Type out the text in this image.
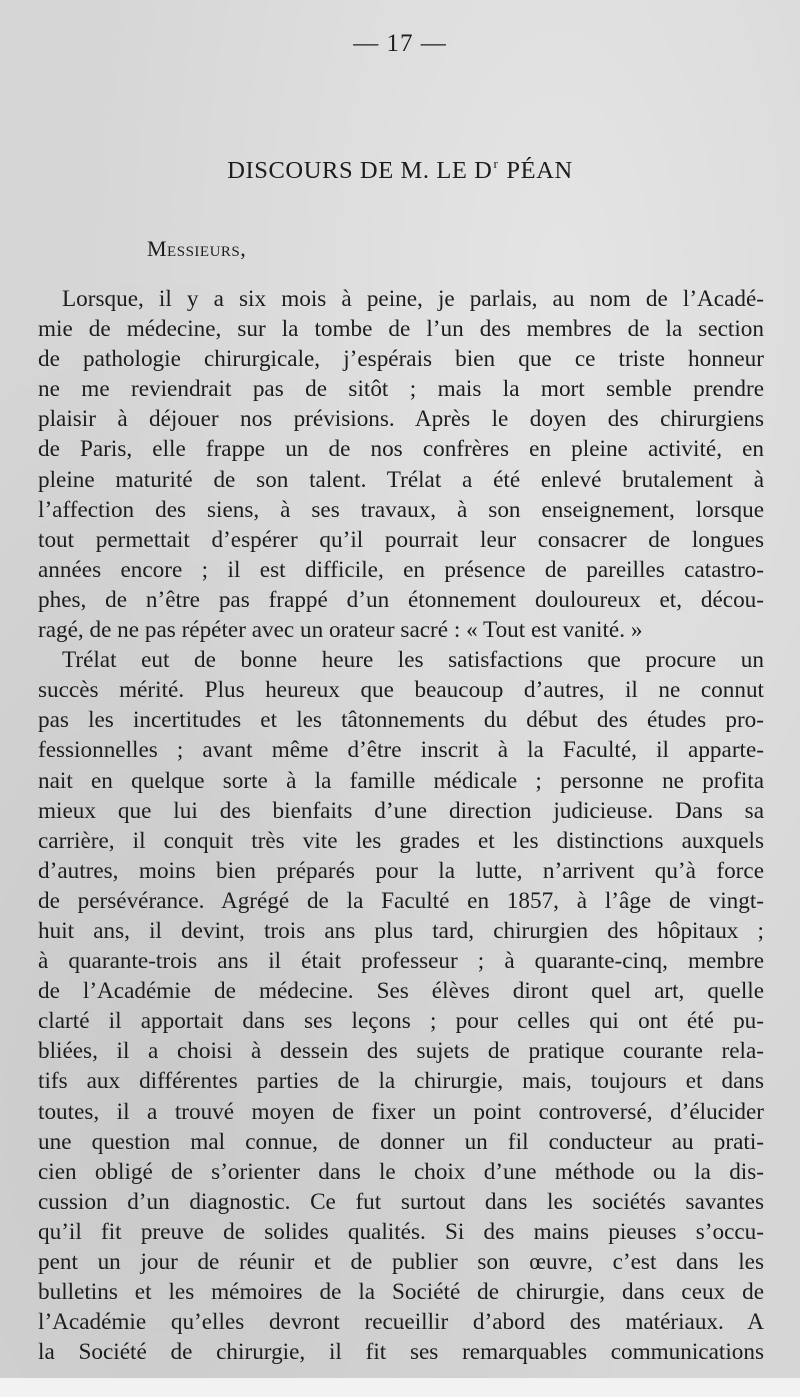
— 17 —
DISCOURS DE M. LE $D^r$ PÉAN
Messieurs,
Lorsque, il y a six mois à peine, je parlais, au nom de l’Acadé-
mie de médecine, sur la tombe de l’un des membres de la section
de pathologie chirurgicale, j’espérais bien que ce triste honneur
ne me reviendrait pas de sitôt ; mais la mort semble prendre
plaisir à déjouer nos prévisions. Après le doyen des chirurgiens
de Paris, elle frappe un de nos confrères en pleine activité, en
pleine maturité de son talent. Trélat a été enlevé brutalement à
l’affection des siens, à ses travaux, à son enseignement, lorsque
tout permettait d’espérer qu’il pourrait leur consacrer de longues
années encore ; il est difficile, en présence de pareilles catastro-
phes, de n’être pas frappé d’un étonnement douloureux et, décou-
ragé, de ne pas répéter avec un orateur sacré : « Tout est vanité. »
Trélat eut de bonne heure les satisfactions que procure un
succès mérité. Plus heureux que beaucoup d’autres, il ne connut
pas les incertitudes et les tâtonnements du début des études pro-
fessionnelles ; avant même d’être inscrit à la Faculté, il apparte-
nait en quelque sorte à la famille médicale ; personne ne profita
mieux que lui des bienfaits d’une direction judicieuse. Dans sa
carrière, il conquit très vite les grades et les distinctions auxquels
d’autres, moins bien préparés pour la lutte, n’arrivent qu’à force
de persévérance. Agrégé de la Faculté en 1857, à l’âge de vingt-
huit ans, il devint, trois ans plus tard, chirurgien des hôpitaux ;
à quarante-trois ans il était professeur ; à quarante-cinq, membre
de l’Académie de médecine. Ses élèves diront quel art, quelle
clarté il apportait dans ses leçons ; pour celles qui ont été pu-
bliées, il a choisi à dessein des sujets de pratique courante rela-
tifs aux différentes parties de la chirurgie, mais, toujours et dans
toutes, il a trouvé moyen de fixer un point controversé, d’élucider
une question mal connue, de donner un fil conducteur au prati-
cien obligé de s’orienter dans le choix d’une méthode ou la dis-
cussion d’un diagnostic. Ce fut surtout dans les sociétés savantes
qu’il fit preuve de solides qualités. Si des mains pieuses s’occu-
pent un jour de réunir et de publier son œuvre, c’est dans les
bulletins et les mémoires de la Société de chirurgie, dans ceux de
l’Académie qu’elles devront recueillir d’abord des matériaux. A
la Société de chirurgie, il fit ses remarquables communications
